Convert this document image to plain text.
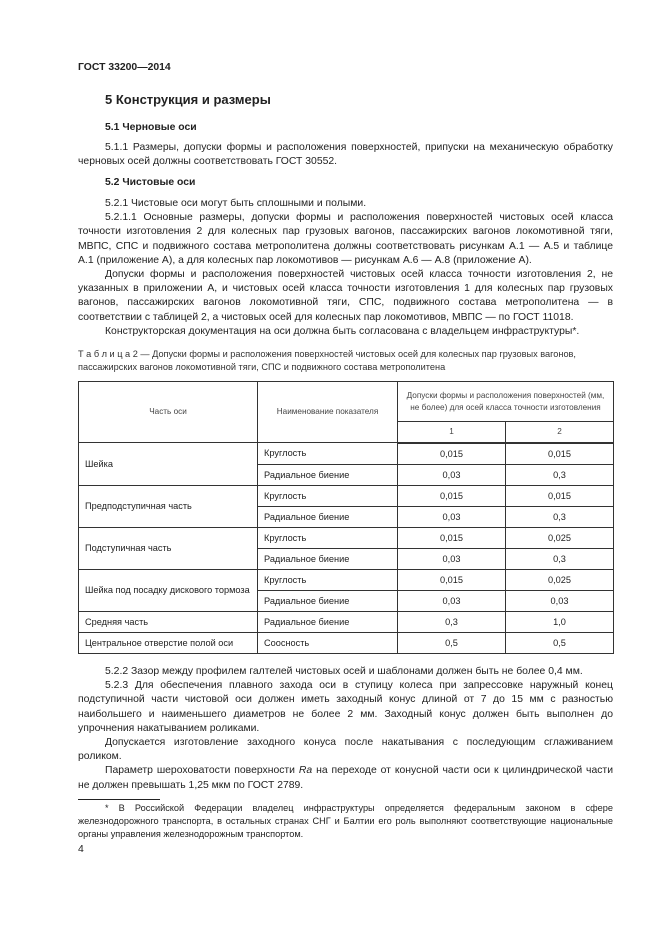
ГОСТ 33200—2014
5 Конструкция и размеры
5.1 Черновые оси

5.1.1 Размеры, допуски формы и расположения поверхностей, припуски на механическую обработку черновых осей должны соответствовать ГОСТ 30552.

5.2 Чистовые оси

5.2.1 Чистовые оси могут быть сплошными и полыми.

5.2.1.1 Основные размеры, допуски формы и расположения поверхностей чистовых осей класса точности изготовления 2 для колесных пар грузовых вагонов, пассажирских вагонов локомотивной тяги, МВПС, СПС и подвижного состава метрополитена должны соответствовать рисункам А.1 — А.5 и таблице А.1 (приложение А), а для колесных пар локомотивов — рисункам А.6 — А.8 (приложение А).

Допуски формы и расположения поверхностей чистовых осей класса точности изготовления 2, не указанных в приложении А, и чистовых осей класса точности изготовления 1 для колесных пар грузовых вагонов, пассажирских вагонов локомотивной тяги, СПС, подвижного состава метрополитена — в соответствии с таблицей 2, а чистовых осей для колесных пар локомотивов, МВПС — по ГОСТ 11018.

Конструкторская документация на оси должна быть согласована с владельцем инфраструктуры*.

Т а б л и ц а 2 — Допуски формы и расположения поверхностей чистовых осей для колесных пар грузовых вагонов, пассажирских вагонов локомотивной тяги, СПС и подвижного состава метрополитена
Часть оси	Наименование показателя	Допуски формы и расположения поверхностей (мм, не более) для осей класса точности изготовления	
		1	2
Шейка	Круглость	0,015	0,015
	Радиальное биение	0,03	0,3
Предподступичная часть	Круглость	0,015	0,015
	Радиальное биение	0,03	0,3
Подступичная часть	Круглость	0,015	0,025
	Радиальное биение	0,03	0,3
Шейка под посадку дискового тормоза	Круглость	0,015	0,025
	Радиальное биение	0,03	0,03
Средняя часть	Радиальное биение	0,3	1,0
Центральное отверстие полой оси	Соосность	0,5	0,5

5.2.2 Зазор между профилем галтелей чистовых осей и шаблонами должен быть не более 0,4 мм.

5.2.3 Для обеспечения плавного захода оси в ступицу колеса при запрессовке наружный конец подступичной части чистовой оси должен иметь заходный конус длиной от 7 до 15 мм с разностью наибольшего и наименьшего диаметров не более 2 мм. Заходный конус должен быть выполнен до упрочнения накатыванием роликами.

Допускается изготовление заходного конуса после накатывания с последующим сглаживанием роликом.

Параметр шероховатости поверхности Ra на переходе от конусной части оси к цилиндрической части не должен превышать 1,25 мкм по ГОСТ 2789.

* В Российской Федерации владелец инфраструктуры определяется федеральным законом в сфере железнодорожного транспорта, в остальных странах СНГ и Балтии его роль выполняют соответствующие национальные органы управления железнодорожным транспортом.

4
